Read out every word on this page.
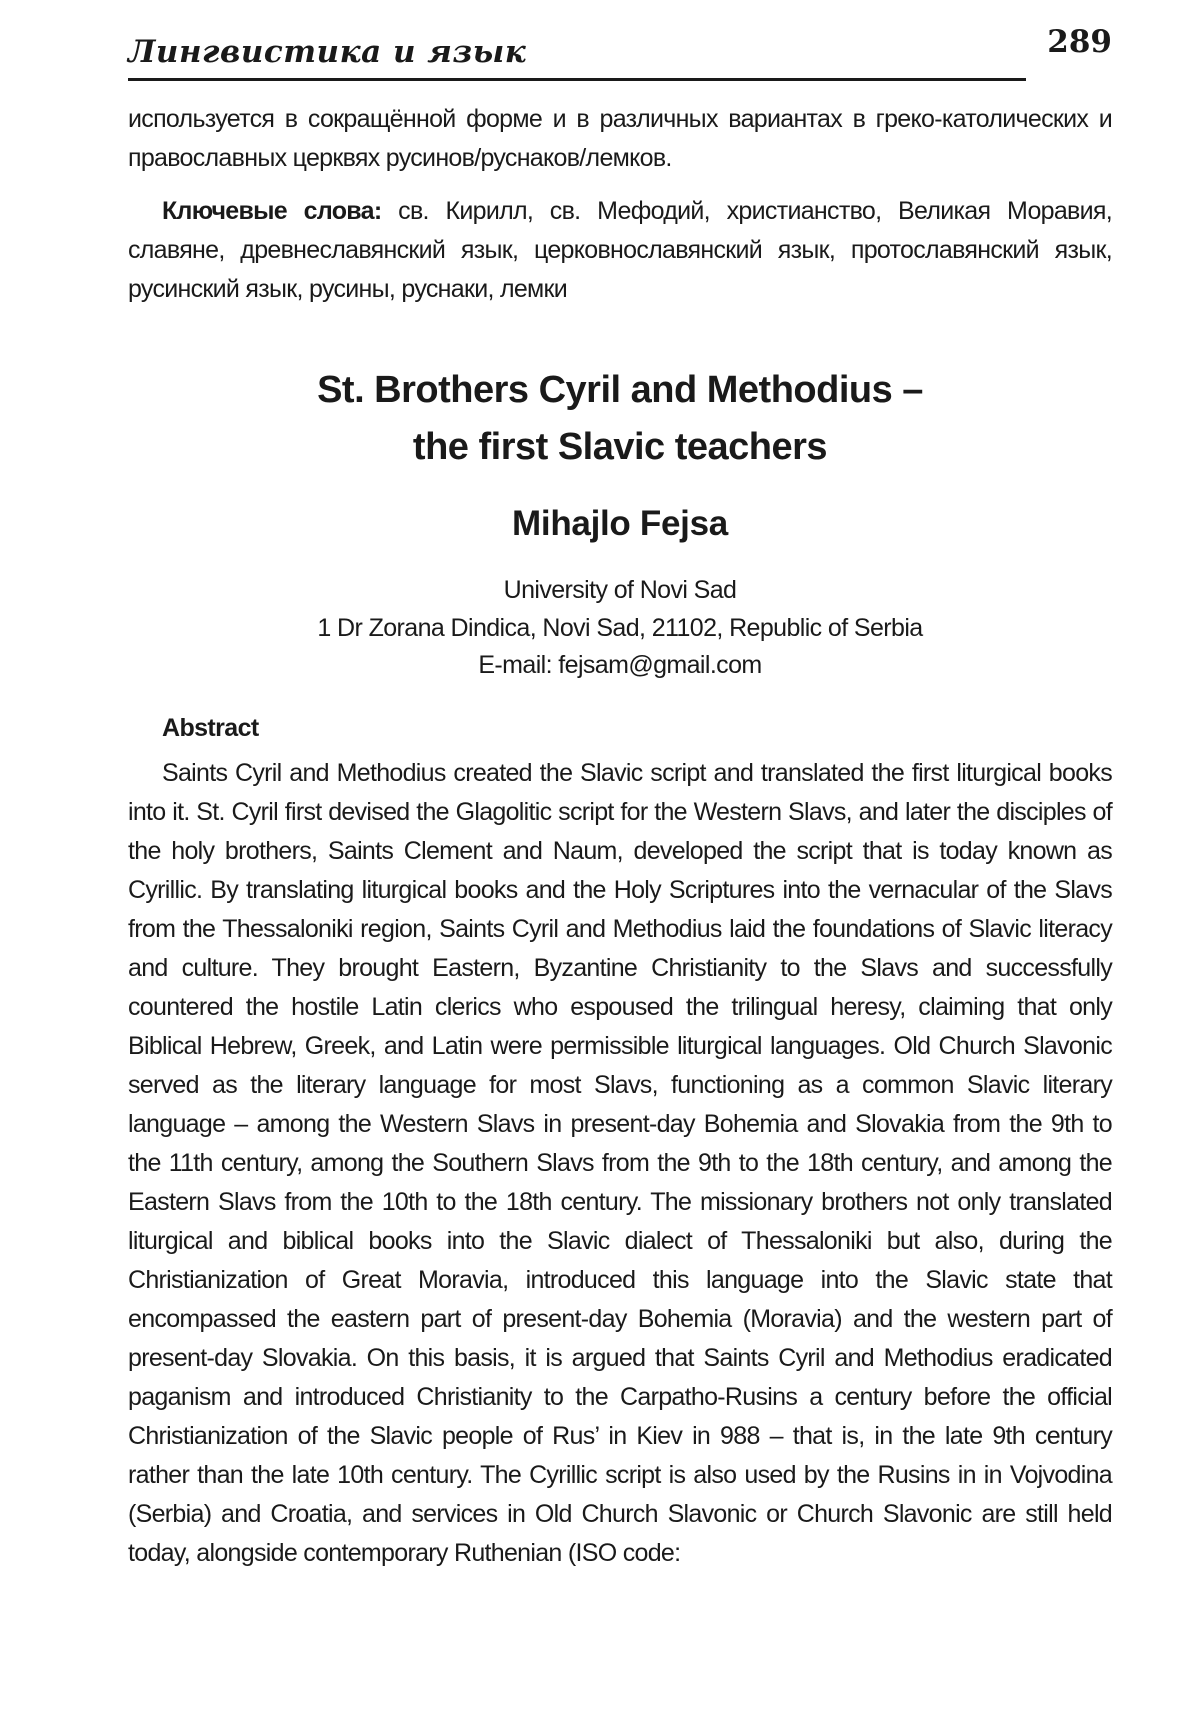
Лингвистика и язык	289

используется в сокращённой форме и в различных вариантах в греко-католических и православных церквях русинов/руснаков/лемков.

Ключевые слова: св. Кирилл, св. Мефодий, христианство, Великая Моравия, славяне, древнеславянский язык, церковнославянский язык, протославянский язык, русинский язык, русины, руснаки, лемки

St. Brothers Cyril and Methodius –
the first Slavic teachers
Mihajlo Fejsa
University of Novi Sad
1 Dr Zorana Dindica, Novi Sad, 21102, Republic of Serbia
E-mail: fejsam@gmail.com
Abstract

Saints Cyril and Methodius created the Slavic script and translated the first liturgical books into it. St. Cyril first devised the Glagolitic script for the Western Slavs, and later the disciples of the holy brothers, Saints Clement and Naum, developed the script that is today known as Cyrillic. By translating liturgical books and the Holy Scriptures into the vernacular of the Slavs from the Thessaloniki region, Saints Cyril and Methodius laid the foundations of Slavic literacy and culture. They brought Eastern, Byzantine Christianity to the Slavs and successfully countered the hostile Latin clerics who espoused the trilingual heresy, claiming that only Biblical Hebrew, Greek, and Latin were permissible liturgical languages. Old Church Slavonic served as the literary language for most Slavs, functioning as a common Slavic literary language – among the Western Slavs in present-day Bohemia and Slovakia from the 9th to the 11th century, among the Southern Slavs from the 9th to the 18th century, and among the Eastern Slavs from the 10th to the 18th century. The missionary brothers not only translated liturgical and biblical books into the Slavic dialect of Thessaloniki but also, during the Christianization of Great Moravia, introduced this language into the Slavic state that encompassed the eastern part of present-day Bohemia (Moravia) and the western part of present-day Slovakia. On this basis, it is argued that Saints Cyril and Methodius eradicated paganism and introduced Christianity to the Carpatho-Rusins a century before the official Christianization of the Slavic people of Rus’ in Kiev in 988 – that is, in the late 9th century rather than the late 10th century. The Cyrillic script is also used by the Rusins in in Vojvodina (Serbia) and Croatia, and services in Old Church Slavonic or Church Slavonic are still held today, alongside contemporary Ruthenian (ISO code:
